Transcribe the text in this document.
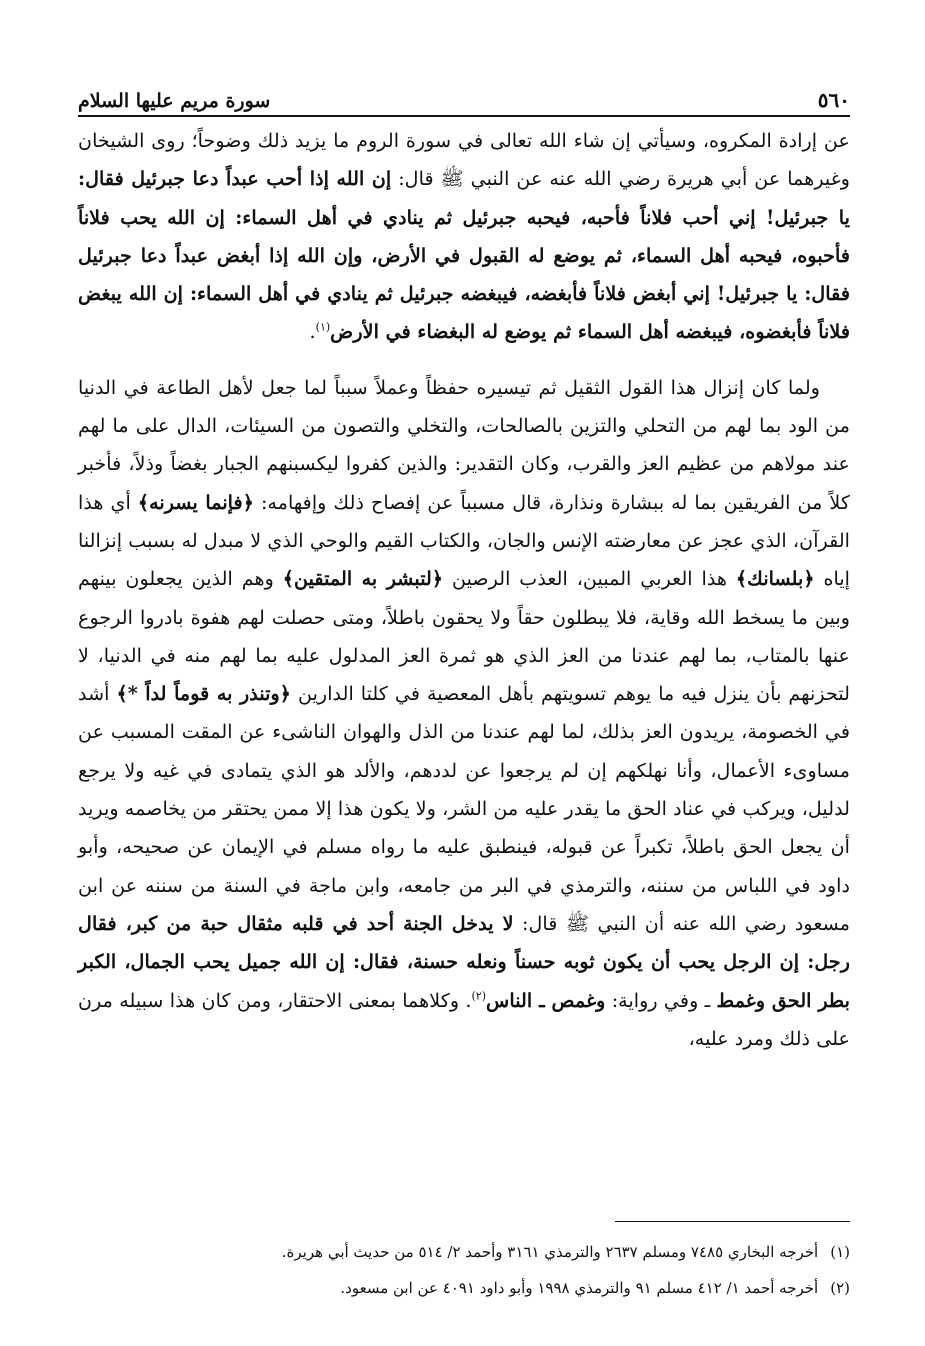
٥٦٠
سورة مريم عليها السلام

عن إرادة المكروه، وسيأتي إن شاء الله تعالى في سورة الروم ما يزيد ذلك وضوحاً؛ روى الشيخان وغيرهما عن أبي هريرة رضي الله عنه عن النبي ﷺ قال: إن الله إذا أحب عبداً دعا جبرئيل فقال: يا جبرئيل! إني أحب فلاناً فأحبه، فيحبه جبرئيل ثم ينادي في أهل السماء: إن الله يحب فلاناً فأحبوه، فيحبه أهل السماء، ثم يوضع له القبول في الأرض، وإن الله إذا أبغض عبداً دعا جبرئيل فقال: يا جبرئيل! إني أبغض فلاناً فأبغضه، فيبغضه جبرئيل ثم ينادي في أهل السماء: إن الله يبغض فلاناً فأبغضوه، فيبغضه أهل السماء ثم يوضع له البغضاء في الأرض$^{(١)}$.

ولما كان إنزال هذا القول الثقيل ثم تيسيره حفظاً وعملاً سبباً لما جعل لأهل الطاعة في الدنيا من الود بما لهم من التحلي والتزين بالصالحات، والتخلي والتصون من السيئات، الدال على ما لهم عند مولاهم من عظيم العز والقرب، وكان التقدير: والذين كفروا ليكسبنهم الجبار بغضاً وذلاً، فأخبر كلاً من الفريقين بما له ببشارة ونذارة، قال مسبباً عن إفصاح ذلك وإفهامه: ﴿فإنما يسرنه﴾ أي هذا القرآن، الذي عجز عن معارضته الإنس والجان، والكتاب القيم والوحي الذي لا مبدل له بسبب إنزالنا إياه ﴿بلسانك﴾ هذا العربي المبين، العذب الرصين ﴿لتبشر به المتقين﴾ وهم الذين يجعلون بينهم وبين ما يسخط الله وقاية، فلا يبطلون حقاً ولا يحقون باطلاً، ومتى حصلت لهم هفوة بادروا الرجوع عنها بالمتاب، بما لهم عندنا من العز الذي هو ثمرة العز المدلول عليه بما لهم منه في الدنيا، لا لتحزنهم بأن ينزل فيه ما يوهم تسويتهم بأهل المعصية في كلتا الدارين ﴿وتنذر به قوماً لداً *﴾ أشد في الخصومة، يريدون العز بذلك، لما لهم عندنا من الذل والهوان الناشىء عن المقت المسبب عن مساوىء الأعمال، وأنا نهلكهم إن لم يرجعوا عن لددهم، والألد هو الذي يتمادى في غيه ولا يرجع لدليل، ويركب في عناد الحق ما يقدر عليه من الشر، ولا يكون هذا إلا ممن يحتقر من يخاصمه ويريد أن يجعل الحق باطلاً، تكبراً عن قبوله، فينطبق عليه ما رواه مسلم في الإيمان عن صحيحه، وأبو داود في اللباس من سننه، والترمذي في البر من جامعه، وابن ماجة في السنة من سننه عن ابن مسعود رضي الله عنه أن النبي ﷺ قال: لا يدخل الجنة أحد في قلبه مثقال حبة من كبر، فقال رجل: إن الرجل يحب أن يكون ثوبه حسناً ونعله حسنة، فقال: إن الله جميل يحب الجمال، الكبر بطر الحق وغمط ـ وفي رواية: وغمص ـ الناس$^{(٢)}$. وكلاهما بمعنى الاحتقار، ومن كان هذا سبيله مرن على ذلك ومرد عليه،

(١)أخرجه البخاري ٧٤٨٥ ومسلم ٢٦٣٧ والترمذي ٣١٦١ وأحمد ٢/ ٥١٤ من حديث أبي هريرة.

(٢)أخرجه أحمد ١/ ٤١٢ مسلم ٩١ والترمذي ١٩٩٨ وأبو داود ٤٠٩١ عن ابن مسعود.
